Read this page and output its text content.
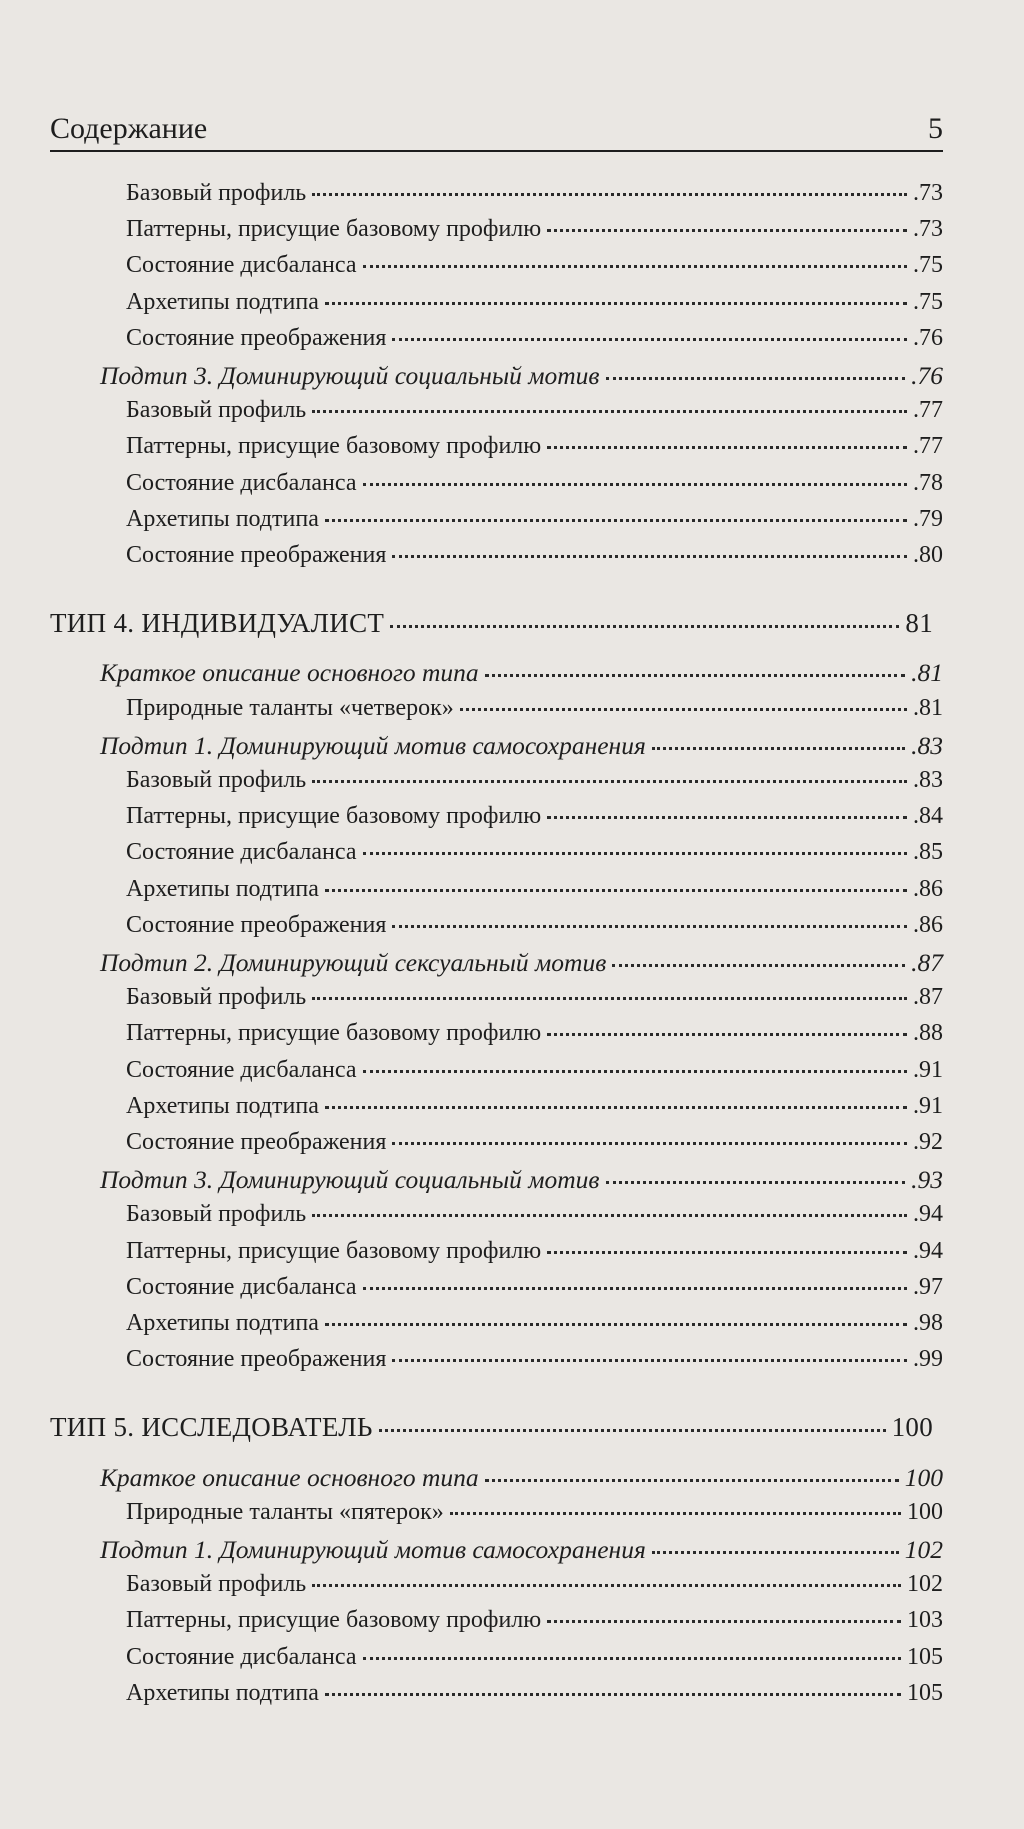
Содержание	5
Базовый профиль	.73
Паттерны, присущие базовому профилю	.73
Состояние дисбаланса	.75
Архетипы подтипа	.75
Состояние преображения	.76
Подтип 3. Доминирующий социальный мотив	.76
Базовый профиль	.77
Паттерны, присущие базовому профилю	.77
Состояние дисбаланса	.78
Архетипы подтипа	.79
Состояние преображения	.80
ТИП 4. ИНДИВИДУАЛИСТ	81
Краткое описание основного типа	.81
Природные таланты «четверок»	.81
Подтип 1. Доминирующий мотив самосохранения	.83
Базовый профиль	.83
Паттерны, присущие базовому профилю	.84
Состояние дисбаланса	.85
Архетипы подтипа	.86
Состояние преображения	.86
Подтип 2. Доминирующий сексуальный мотив	.87
Базовый профиль	.87
Паттерны, присущие базовому профилю	.88
Состояние дисбаланса	.91
Архетипы подтипа	.91
Состояние преображения	.92
Подтип 3. Доминирующий социальный мотив	.93
Базовый профиль	.94
Паттерны, присущие базовому профилю	.94
Состояние дисбаланса	.97
Архетипы подтипа	.98
Состояние преображения	.99
ТИП 5. ИССЛЕДОВАТЕЛЬ	100
Краткое описание основного типа	100
Природные таланты «пятерок»	100
Подтип 1. Доминирующий мотив самосохранения	102
Базовый профиль	102
Паттерны, присущие базовому профилю	103
Состояние дисбаланса	105
Архетипы подтипа	105
